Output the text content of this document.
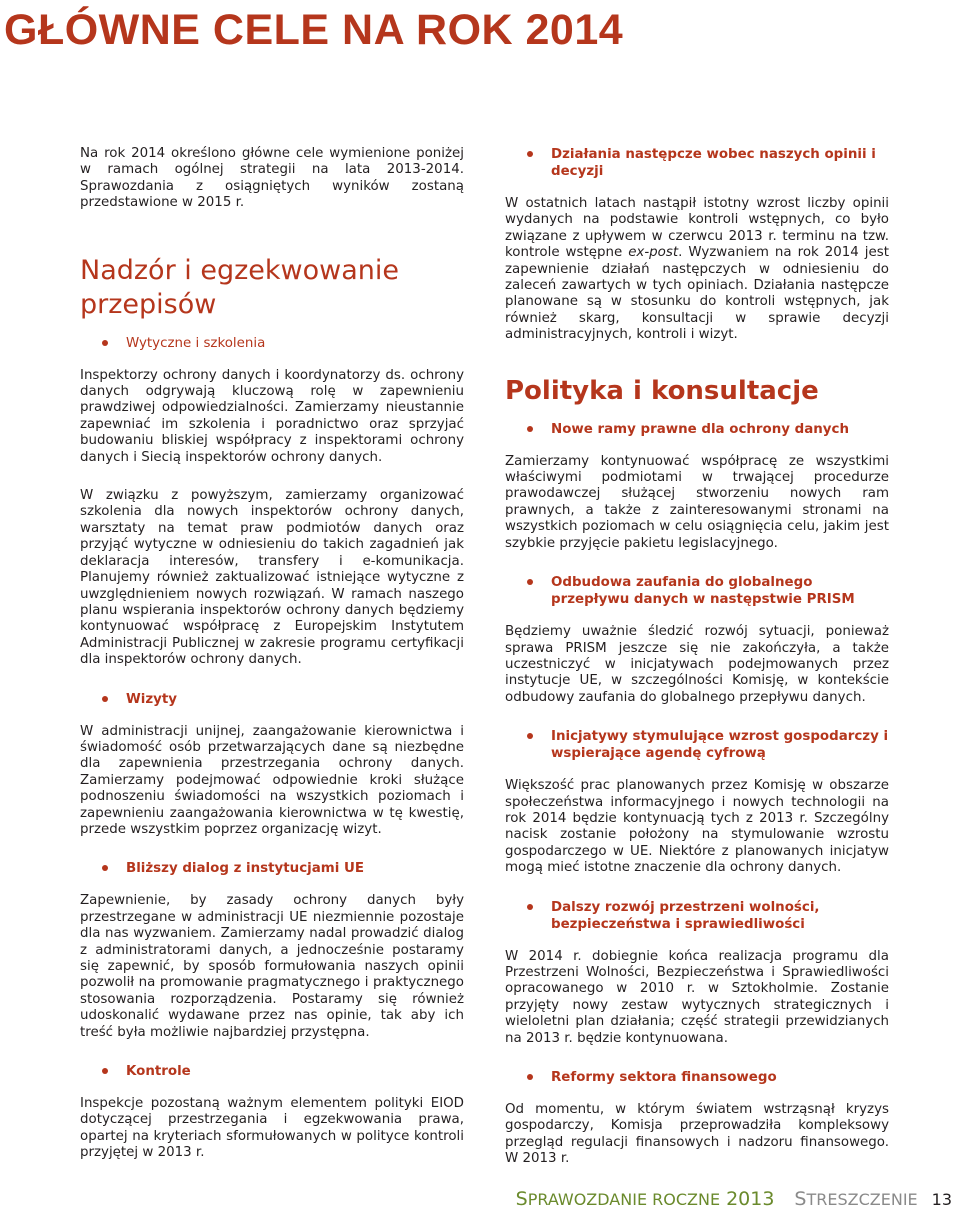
GŁÓWNE CELE NA ROK 2014

Na rok 2014 określono główne cele wymienione poniżej w ramach ogólnej strategii na lata 2013-2014. Sprawozdania z osiągniętych wyników zostaną przedstawione w 2015 r.

Nadzór i egzekwowanie przepisów
Wytyczne i szkolenia

Inspektorzy ochrony danych i koordynatorzy ds. ochrony danych odgrywają kluczową rolę w zapewnieniu prawdziwej odpowiedzialności. Zamierzamy nieustannie zapewniać im szkolenia i poradnictwo oraz sprzyjać budowaniu bliskiej współpracy z inspektorami ochrony danych i Siecią inspektorów ochrony danych.

W związku z powyższym, zamierzamy organizować szkolenia dla nowych inspektorów ochrony danych, warsztaty na temat praw podmiotów danych oraz przyjąć wytyczne w odniesieniu do takich zagadnień jak deklaracja interesów, transfery i e-komunikacja. Planujemy również zaktualizować istniejące wytyczne z uwzględnieniem nowych rozwiązań. W ramach naszego planu wspierania inspektorów ochrony danych będziemy kontynuować współpracę z Europejskim Instytutem Administracji Publicznej w zakresie programu certyfikacji dla inspektorów ochrony danych.

Wizyty

W administracji unijnej, zaangażowanie kierownictwa i świadomość osób przetwarzających dane są niezbędne dla zapewnienia przestrzegania ochrony danych. Zamierzamy podejmować odpowiednie kroki służące podnoszeniu świadomości na wszystkich poziomach i zapewnieniu zaangażowania kierownictwa w tę kwestię, przede wszystkim poprzez organizację wizyt.

Bliższy dialog z instytucjami UE

Zapewnienie, by zasady ochrony danych były przestrzegane w administracji UE niezmiennie pozostaje dla nas wyzwaniem. Zamierzamy nadal prowadzić dialog z administratorami danych, a jednocześnie postaramy się zapewnić, by sposób formułowania naszych opinii pozwolił na promowanie pragmatycznego i praktycznego stosowania rozporządzenia. Postaramy się również udoskonalić wydawane przez nas opinie, tak aby ich treść była możliwie najbardziej przystępna.

Kontrole

Inspekcje pozostaną ważnym elementem polityki EIOD dotyczącej przestrzegania i egzekwowania prawa, opartej na kryteriach sformułowanych w polityce kontroli przyjętej w 2013 r.

Działania następcze wobec naszych opinii i decyzji

W ostatnich latach nastąpił istotny wzrost liczby opinii wydanych na podstawie kontroli wstępnych, co było związane z upływem w czerwcu 2013 r. terminu na tzw. kontrole wstępne ex-post. Wyzwaniem na rok 2014 jest zapewnienie działań następczych w odniesieniu do zaleceń zawartych w tych opiniach. Działania następcze planowane są w stosunku do kontroli wstępnych, jak również skarg, konsultacji w sprawie decyzji administracyjnych, kontroli i wizyt.

Polityka i konsultacje
Nowe ramy prawne dla ochrony danych

Zamierzamy kontynuować współpracę ze wszystkimi właściwymi podmiotami w trwającej procedurze prawodawczej służącej stworzeniu nowych ram prawnych, a także z zainteresowanymi stronami na wszystkich poziomach w celu osiągnięcia celu, jakim jest szybkie przyjęcie pakietu legislacyjnego.

Odbudowa zaufania do globalnego przepływu danych w następstwie PRISM

Będziemy uważnie śledzić rozwój sytuacji, ponieważ sprawa PRISM jeszcze się nie zakończyła, a także uczestniczyć w inicjatywach podejmowanych przez instytucje UE, w szczególności Komisję, w kontekście odbudowy zaufania do globalnego przepływu danych.

Inicjatywy stymulujące wzrost gospodarczy i wspierające agendę cyfrową

Większość prac planowanych przez Komisję w obszarze społeczeństwa informacyjnego i nowych technologii na rok 2014 będzie kontynuacją tych z 2013 r. Szczególny nacisk zostanie położony na stymulowanie wzrostu gospodarczego w UE. Niektóre z planowanych inicjatyw mogą mieć istotne znaczenie dla ochrony danych.

Dalszy rozwój przestrzeni wolności, bezpieczeństwa i sprawiedliwości

W 2014 r. dobiegnie końca realizacja programu dla Przestrzeni Wolności, Bezpieczeństwa i Sprawiedliwości opracowanego w 2010 r. w Sztokholmie. Zostanie przyjęty nowy zestaw wytycznych strategicznych i wieloletni plan działania; część strategii przewidzianych na 2013 r. będzie kontynuowana.

Reformy sektora finansowego

Od momentu, w którym światem wstrząsnął kryzys gospodarczy, Komisja przeprowadziła kompleksowy przegląd regulacji finansowych i nadzoru finansowego. W 2013 r.

SPRAWOZDANIE ROCZNE 2013 STRESZCZENIE 13
